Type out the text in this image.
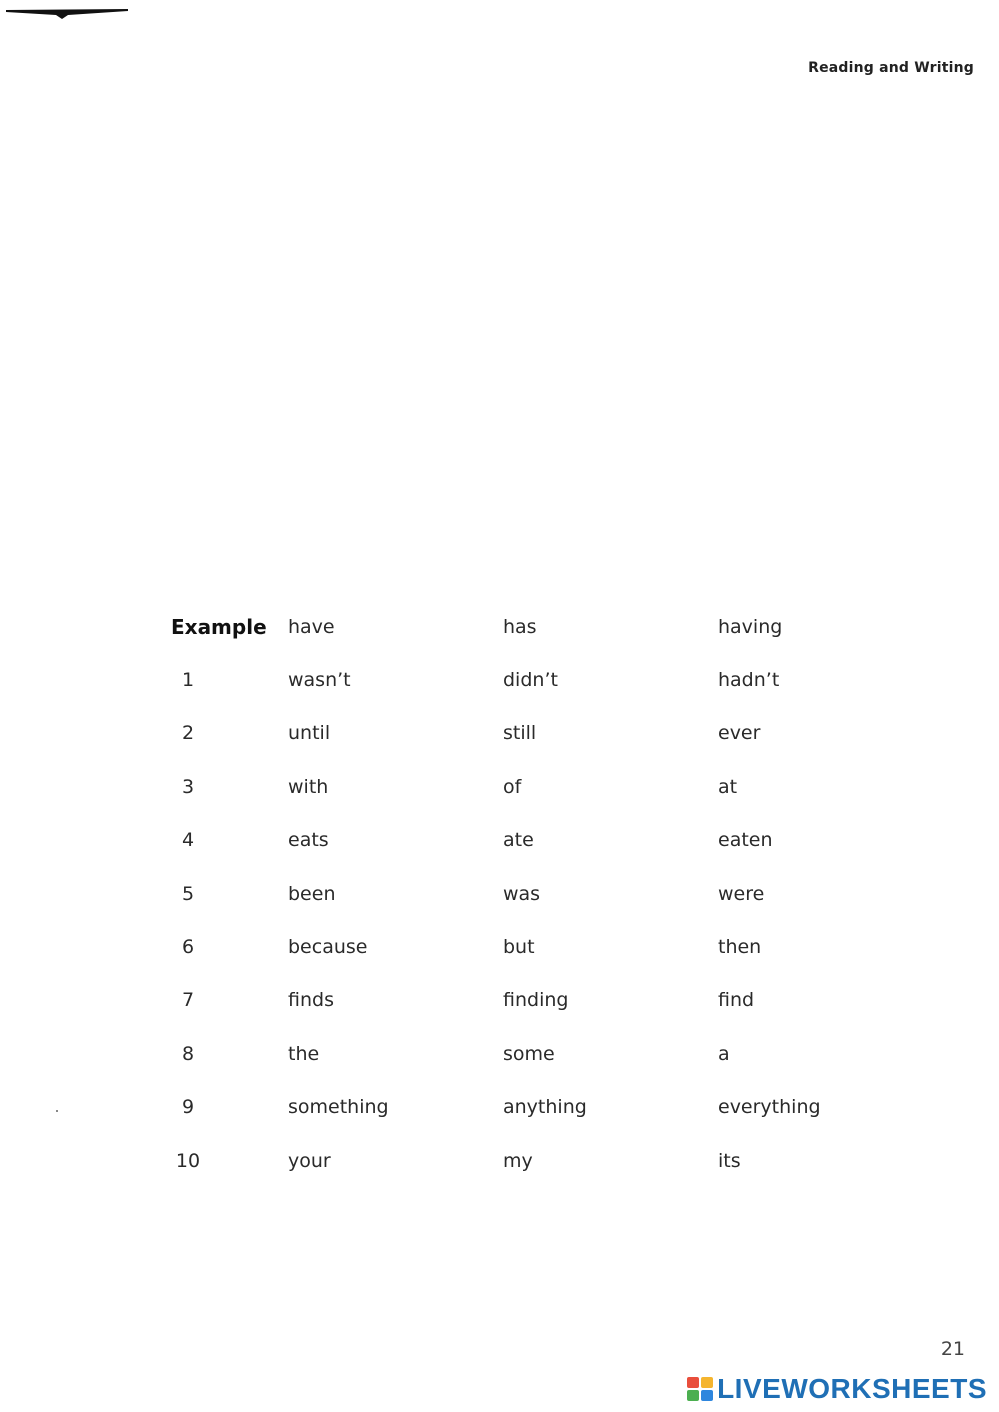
Reading and Writing
Example have	has	having
1	wasn’t	didn’t	hadn’t
2	until	still	ever
3	with	of	at
4	eats	ate	eaten
5	been	was	were
6	because	but	then
7	finds	finding	find
8	the	some	a
9	something	anything	everything
10	your	my	its
21
LIVEWORKSHEETS
